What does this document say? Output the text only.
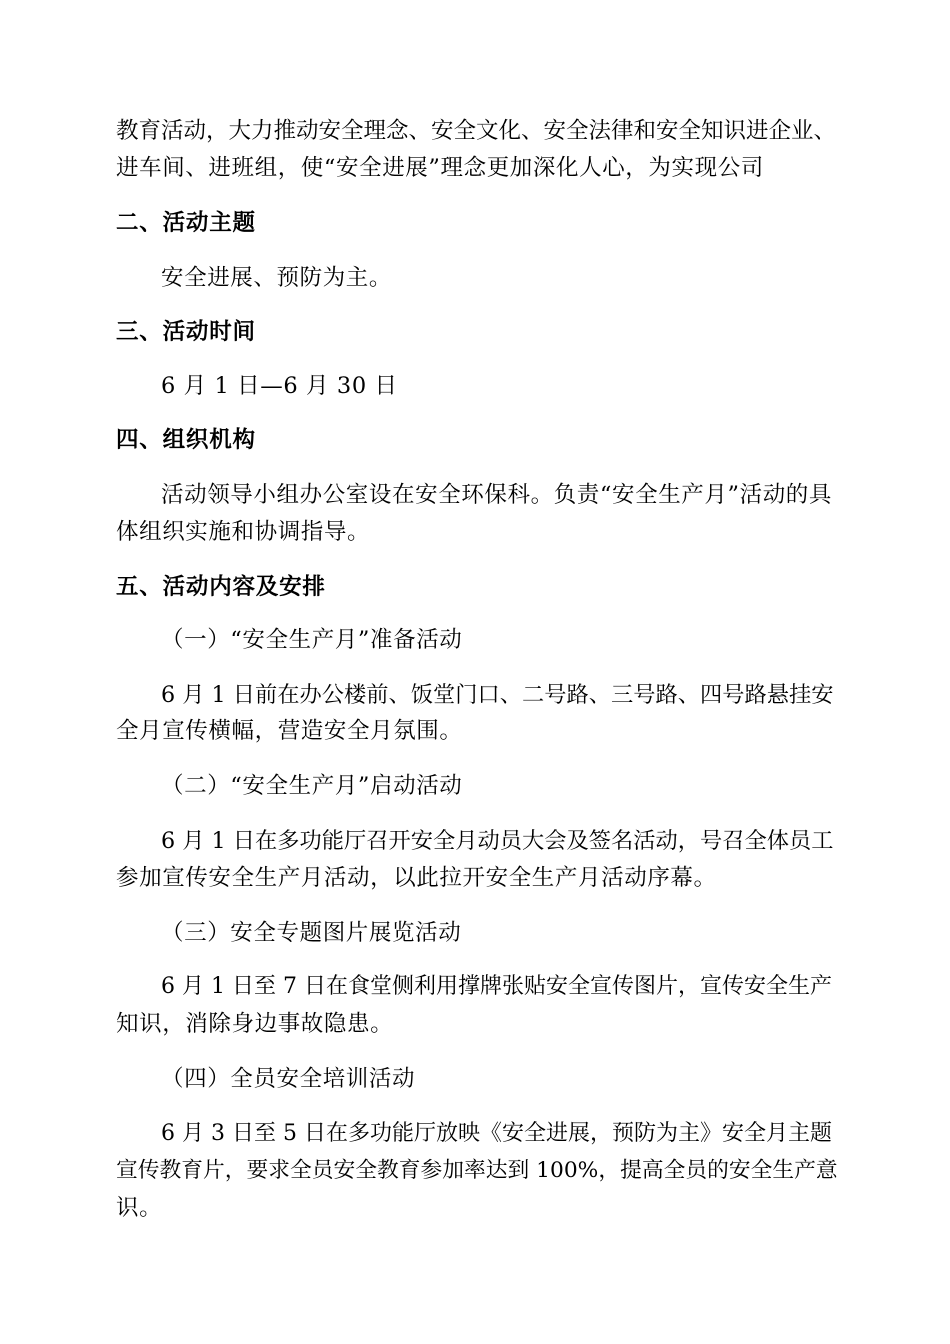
教育活动，大力推动安全理念、安全文化、安全法律和安全知识进企业、
进车间、进班组，使“安全进展”理念更加深化人心，为实现公司
二、活动主题
安全进展、预防为主。
三、活动时间
6 月 1 日—6 月 30 日
四、组织机构
活动领导小组办公室设在安全环保科。负责“安全生产月”活动的具
体组织实施和协调指导。
五、活动内容及安排
（一）“安全生产月”准备活动
6 月 1 日前在办公楼前、饭堂门口、二号路、三号路、四号路悬挂安
全月宣传横幅，营造安全月氛围。
（二）“安全生产月”启动活动
6 月 1 日在多功能厅召开安全月动员大会及签名活动，号召全体员工
参加宣传安全生产月活动，以此拉开安全生产月活动序幕。
（三）安全专题图片展览活动
6 月 1 日至 7 日在食堂侧利用撑牌张贴安全宣传图片，宣传安全生产
知识，消除身边事故隐患。
（四）全员安全培训活动
6 月 3 日至 5 日在多功能厅放映《安全进展，预防为主》安全月主题
宣传教育片，要求全员安全教育参加率达到 100%，提高全员的安全生产意
识。
